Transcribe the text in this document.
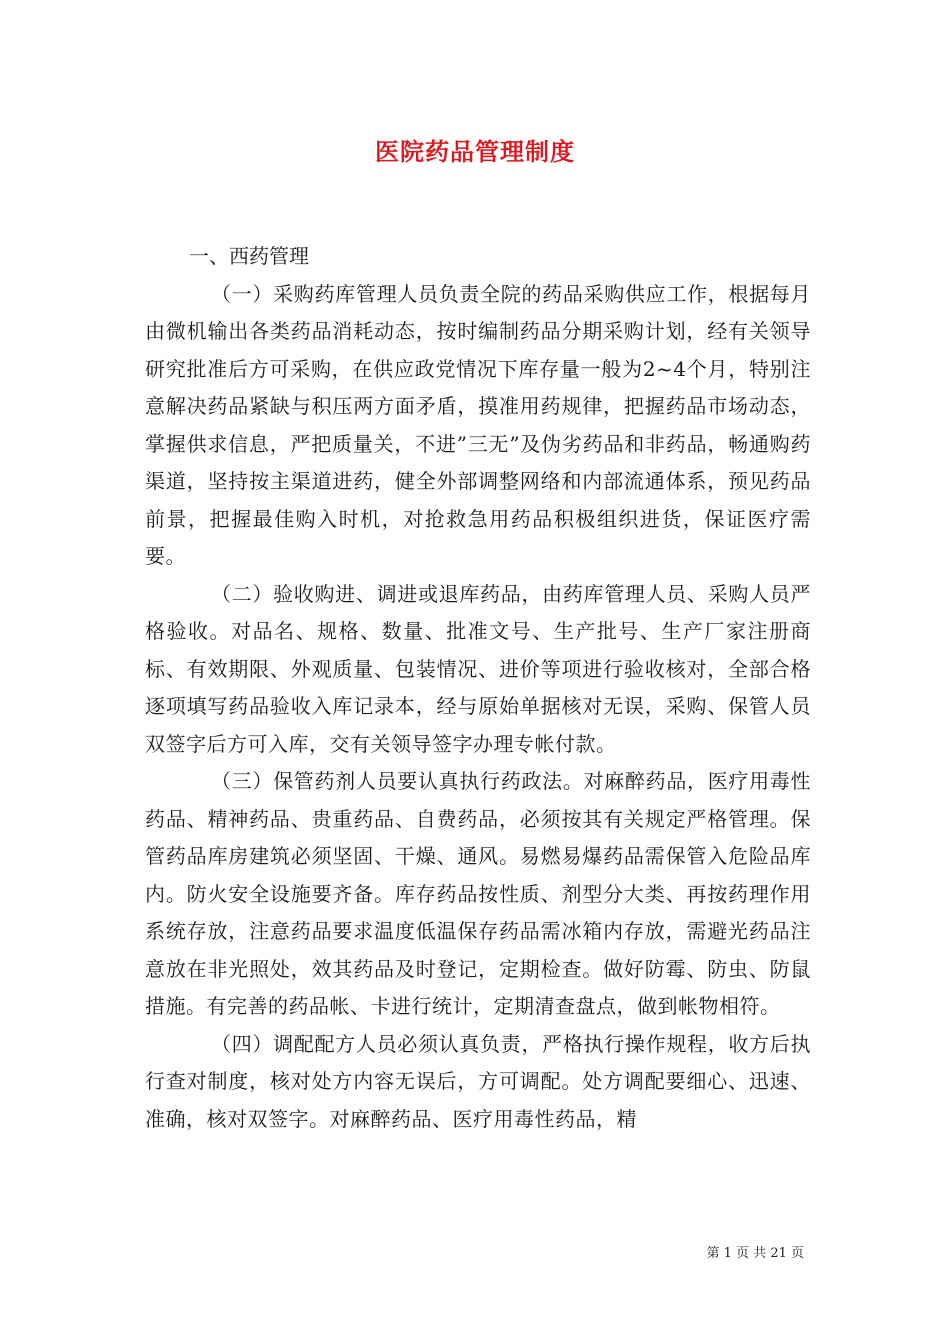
医院药品管理制度

一、西药管理

（一）采购药库管理人员负责全院的药品采购供应工作，根据每月由微机输出各类药品消耗动态，按时编制药品分期采购计划，经有关领导研究批准后方可采购，在供应政党情况下库存量一般为2~4个月，特别注意解决药品紧缺与积压两方面矛盾，摸准用药规律，把握药品市场动态，掌握供求信息，严把质量关，不进”三无”及伪劣药品和非药品，畅通购药渠道，坚持按主渠道进药，健全外部调整网络和内部流通体系，预见药品前景，把握最佳购入时机，对抢救急用药品积极组织进货，保证医疗需要。

（二）验收购进、调进或退库药品，由药库管理人员、采购人员严格验收。对品名、规格、数量、批准文号、生产批号、生产厂家注册商标、有效期限、外观质量、包装情况、进价等项进行验收核对，全部合格逐项填写药品验收入库记录本，经与原始单据核对无误，采购、保管人员双签字后方可入库，交有关领导签字办理专帐付款。

（三）保管药剂人员要认真执行药政法。对麻醉药品，医疗用毒性药品、精神药品、贵重药品、自费药品，必须按其有关规定严格管理。保管药品库房建筑必须坚固、干燥、通风。易燃易爆药品需保管入危险品库内。防火安全设施要齐备。库存药品按性质、剂型分大类、再按药理作用系统存放，注意药品要求温度低温保存药品需冰箱内存放，需避光药品注意放在非光照处，效其药品及时登记，定期检查。做好防霉、防虫、防鼠措施。有完善的药品帐、卡进行统计，定期清查盘点，做到帐物相符。

（四）调配配方人员必须认真负责，严格执行操作规程，收方后执行查对制度，核对处方内容无误后，方可调配。处方调配要细心、迅速、准确，核对双签字。对麻醉药品、医疗用毒性药品，精

第 1 页 共 21 页
